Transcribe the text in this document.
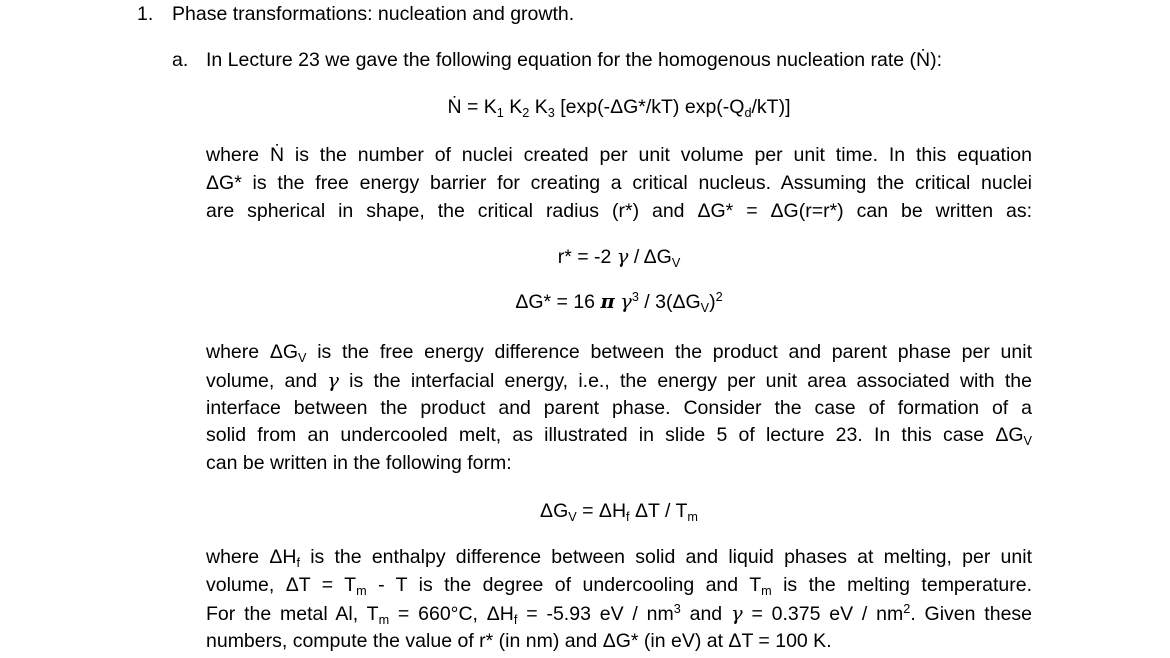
1. Phase transformations: nucleation and growth.
a. In Lecture 23 we gave the following equation for the homogenous nucleation rate (Ṅ):
Ṅ = $K_1$ $K_2$ $K_3$ [exp(-ΔG*/kT) $\exp(-Q_d/kT)$]
where Ṅ is the number of nuclei created per unit volume per unit time. In this equation
ΔG* is the free energy barrier for creating a critical nucleus. Assuming the critical nuclei
are spherical in shape, the critical radius (r*) and ΔG* = ΔG(r=r*) can be written as:
r* = -2 γ / $\Delta G_V$
ΔG* = 16 π $\gamma^3 / 3(\Delta G_V)^2$
where $\Delta G_V$ is the free energy difference between the product and parent phase per unit
volume, and γ is the interfacial energy, i.e., the energy per unit area associated with the
interface between the product and parent phase. Consider the case of formation of a
solid from an undercooled melt, as illustrated in slide 5 of lecture 23. In this case $\Delta G_V$
can be written in the following form:
$\Delta G_V = \Delta H_f$ ΔT / $T_m$
where $\Delta H_f$ is the enthalpy difference between solid and liquid phases at melting, per unit
volume, $\Delta T = T_m - T$ is the degree of undercooling and $T_m$ is the melting temperature.
For the metal Al, $T_m = 660^\circ C$, $\Delta H_f = -5.93$ eV / $nm^3$ and γ = 0.375 eV / $nm^2$. Given these
numbers, compute the value of r* (in nm) and ΔG* (in eV) at ΔT = 100 K.
